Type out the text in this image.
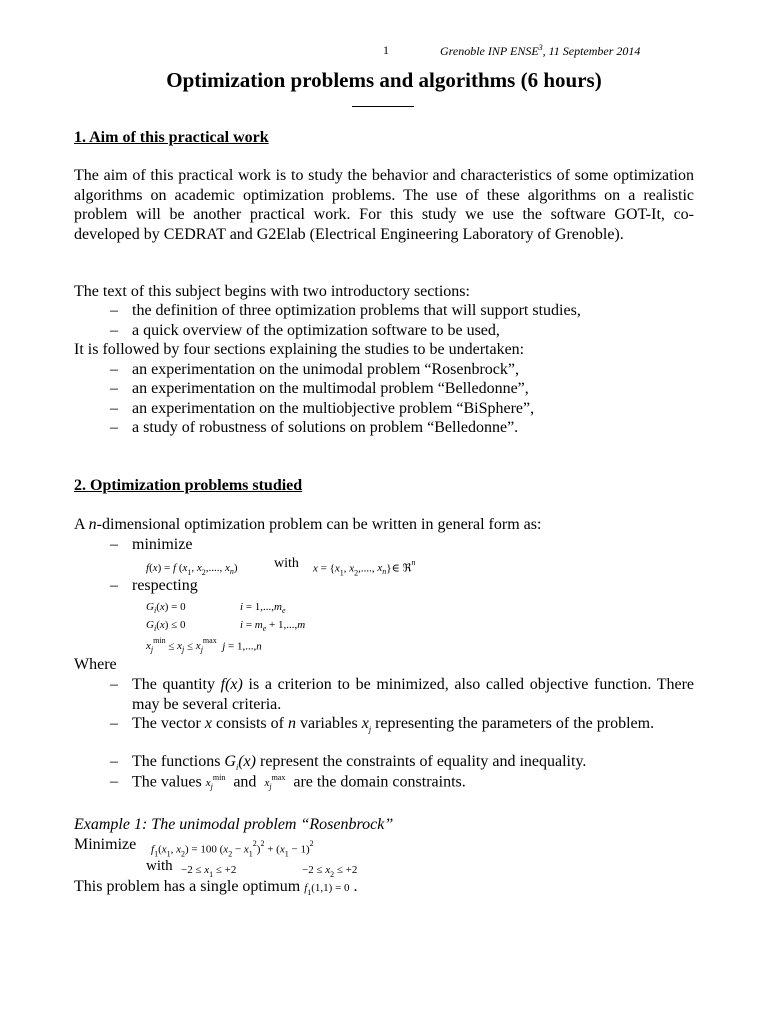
1	Grenoble INP ENSE$^3$, 11 September 2014
Optimization problems and algorithms (6 hours)
1. Aim of this practical work
The aim of this practical work is to study the behavior and characteristics of some optimization algorithms on academic optimization problems. The use of these algorithms on a realistic problem will be another practical work. For this study we use the software GOT-It, co-developed by CEDRAT and G2Elab (Electrical Engineering Laboratory of Grenoble).
The text of this subject begins with two introductory sections:
– the definition of three optimization problems that will support studies,
– a quick overview of the optimization software to be used,
It is followed by four sections explaining the studies to be undertaken:
– an experimentation on the unimodal problem “Rosenbrock”,
– an experimentation on the multimodal problem “Belledonne”,
– an experimentation on the multiobjective problem “BiSphere”,
– a study of robustness of solutions on problem “Belledonne”.
2. Optimization problems studied
A n-dimensional optimization problem can be written in general form as:
– minimize
f(x) = f ($x_1$, $x_2$,...., $x_n$)	with $x = \{x_1$, $x_2$,...., $x_n\}\in$ ℜ$^n$
– respecting
$G_i(x) = 0$	$i = 1,...,m_e$
$G_i(x) \le 0$	$i = m_e + 1,...,m$
$x_j^{min} \le x_j \le x_j^{max}$ j = 1,...,n
Where
– The quantity f(x) is a criterion to be minimized, also called objective function. There may be several criteria.
– The vector x consists of n variables $x_j$ representing the parameters of the problem.
– The functions $G_i(x)$ represent the constraints of equality and inequality.
– The values $x_j^{min}$ and $x_j^{max}$ are the domain constraints.
Example 1: The unimodal problem “Rosenbrock”
Minimize $f_1(x_1$, $x_2) = 100$ $(x_2 - x_1^2)^2 + (x_1 - 1)^2$
with $-2 \le x_1 \le +2$	$-2 \le x_2 \le +2$
This problem has a single optimum $f_1(1,1) = 0$ .
